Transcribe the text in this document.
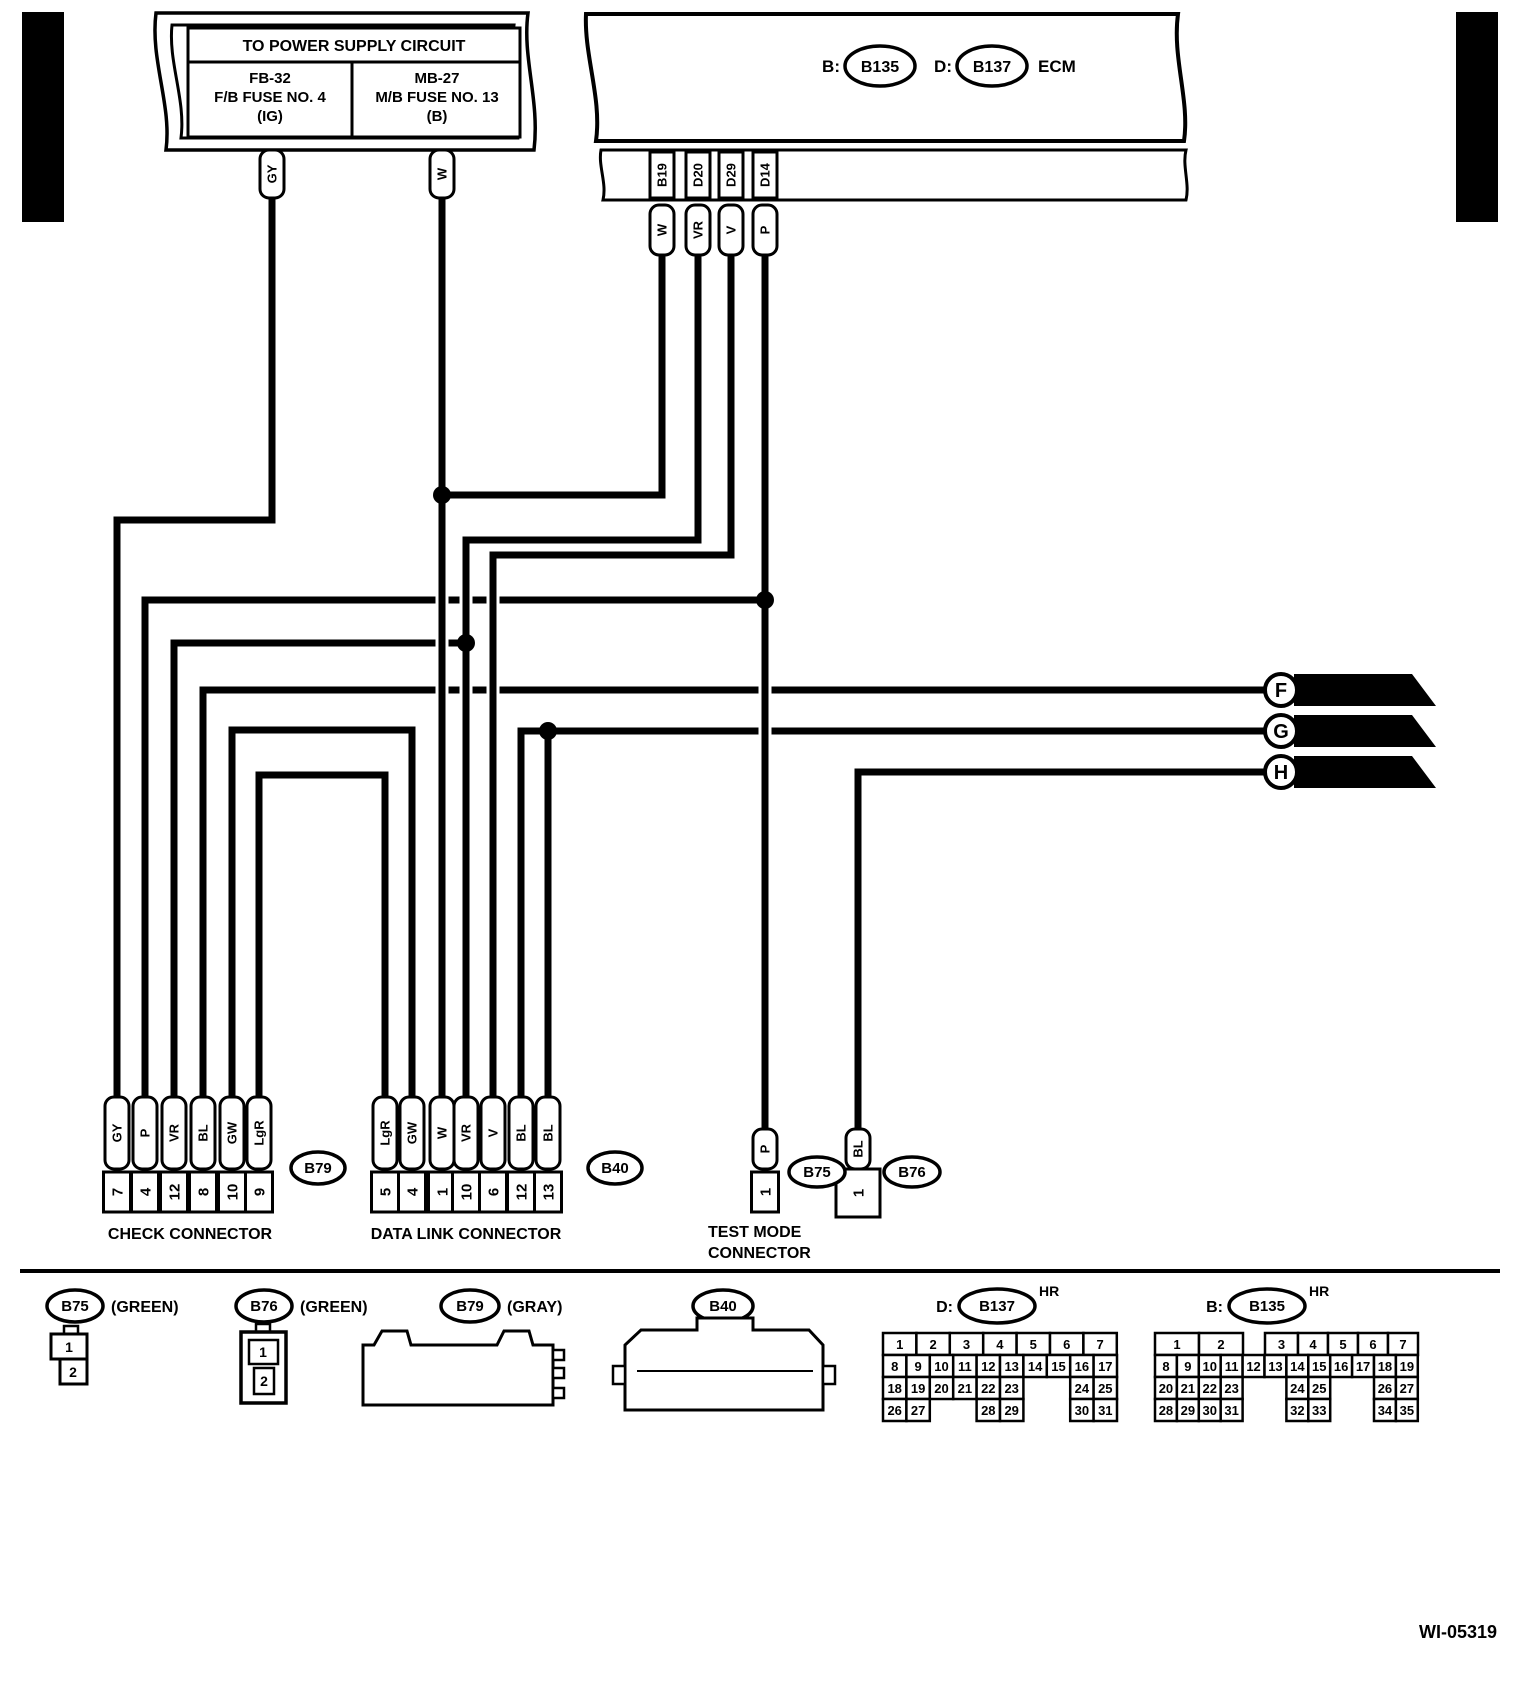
E/G(H4)-04	E/G(H4)-04
TO POWER SUPPLY CIRCUIT
FB-32
F/B FUSE NO. 4
(IG)
MB-27
M/B FUSE NO. 13
(B)
B: B135 D: B137 ECM
GY	W
W VR V P
GY P VR BL GW LgR	LgR GW W VR V BL BL
P	BL
B19 D20 D29 D14
7 4 12 8 10 9	5 4 1 10 6 12 13	1	1
B79	B40	B75	B76
B75 (GREEN)	B76 (GREEN)	B79 (GRAY)	B40	D: B137
HR
B: B135
HR
E/G(H4)-09
F
E/G(H4)-09
G
E/G(H4)-09
H
1 2 3 4 5 6 7
8 9 10 11 12 13 14 15 16 17
18 19 20 21 22 23	24 25
26 27	28 29	30 31
1	2	3 4 5 6 7
8 9 10 11 12 13 14 15 16 17 18 19
20 21 22 23	24 25	26 27
28 29 30 31	32 33	34 35
CHECK CONNECTOR	DATA LINK CONNECTOR	TEST MODE
CONNECTOR
1
2
1
2
WI-05319
